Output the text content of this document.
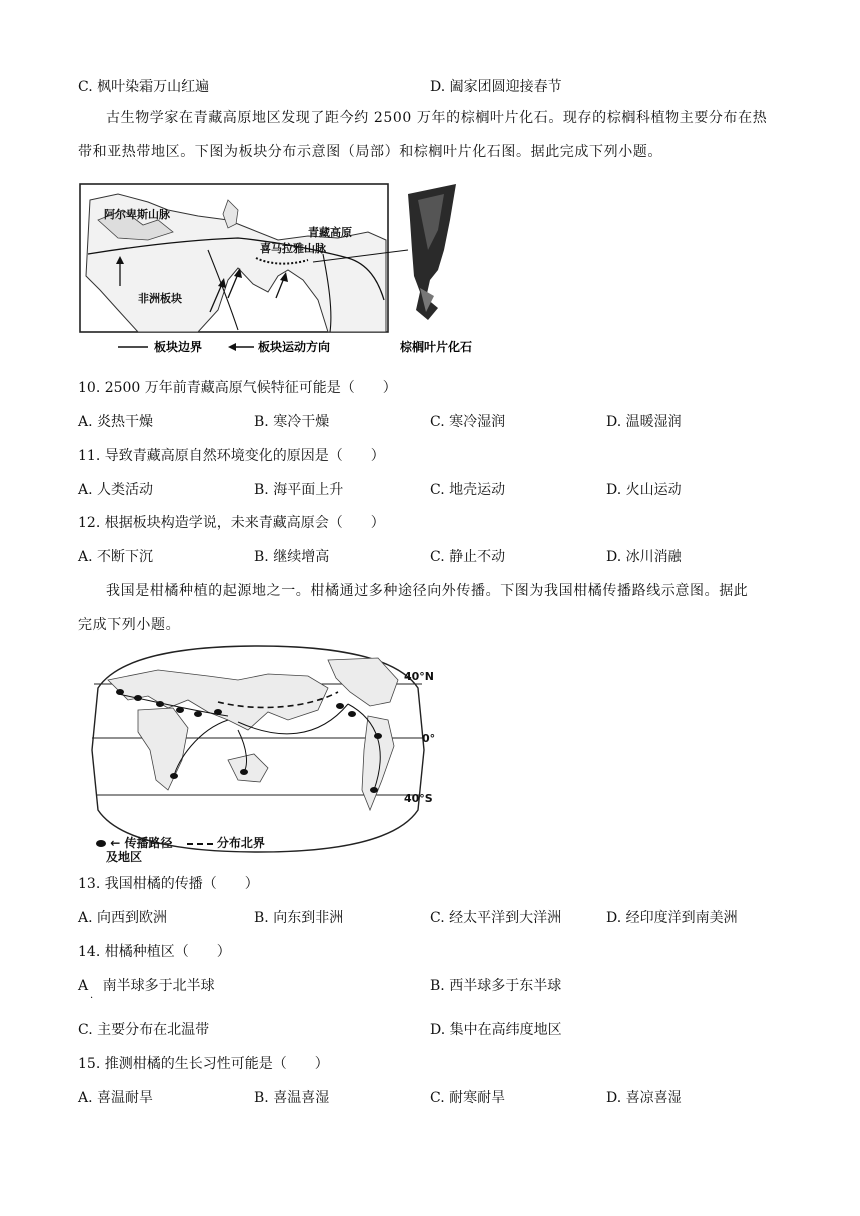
C. 枫叶染霜万山红遍	D. 阖家团圆迎接春节
古生物学家在青藏高原地区发现了距今约 2500 万年的棕榈叶片化石。现存的棕榈科植物主要分布在热
带和亚热带地区。下图为板块分布示意图（局部）和棕榈叶片化石图。据此完成下列小题。
阿尔卑斯山脉
青藏高原
喜马拉雅山脉
非洲板块
板块边界	板块运动方向	棕榈叶片化石
10. 2500 万年前青藏高原气候特征可能是（　　）
A. 炎热干燥	B. 寒冷干燥	C. 寒冷湿润	D. 温暖湿润
11. 导致青藏高原自然环境变化的原因是（　　）
A. 人类活动	B. 海平面上升	C. 地壳运动	D. 火山运动
12. 根据板块构造学说，未来青藏高原会（　　）
A. 不断下沉	B. 继续增高	C. 静止不动	D. 冰川消融
我国是柑橘种植的起源地之一。柑橘通过多种途径向外传播。下图为我国柑橘传播路线示意图。据此
完成下列小题。
40°N
0°
40°S
← 传播路径	分布北界
及地区
13. 我国柑橘的传播（　　）
A. 向西到欧洲	B. 向东到非洲	C. 经太平洋到大洋洲	D. 经印度洋到南美洲
14. 柑橘种植区（　　）
A
·
南半球多于北半球	B. 西半球多于东半球
C. 主要分布在北温带	D. 集中在高纬度地区
15. 推测柑橘的生长习性可能是（　　）
A. 喜温耐旱	B. 喜温喜湿	C. 耐寒耐旱	D. 喜凉喜湿
